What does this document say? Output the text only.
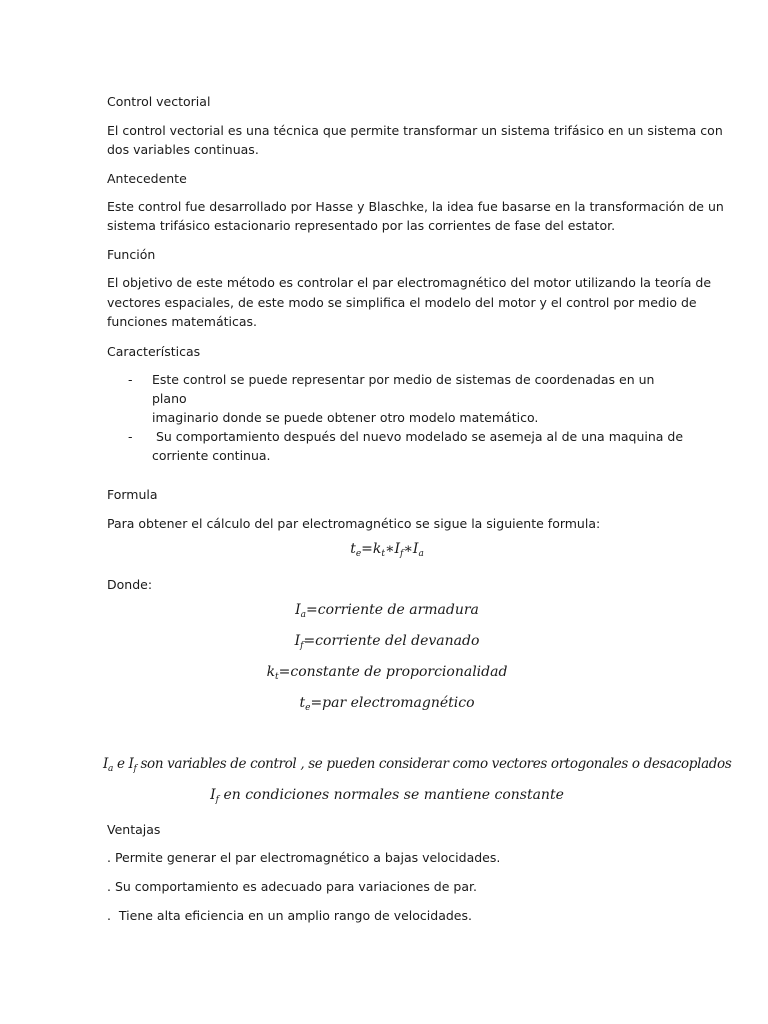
Control vectorial
El control vectorial es una técnica que permite transformar un sistema trifásico en un sistema con
dos variables continuas.
Antecedente
Este control fue desarrollado por Hasse y Blaschke, la idea fue basarse en la transformación de un
sistema trifásico estacionario representado por las corrientes de fase del estator.
Función
El objetivo de este método es controlar el par electromagnético del motor utilizando la teoría de
vectores espaciales, de este modo se simplifica el modelo del motor y el control por medio de
funciones matemáticas.
Características
- Este control se puede representar por medio de sistemas de coordenadas en un plano
imaginario donde se puede obtener otro modelo matemático.
- Su comportamiento después del nuevo modelado se asemeja al de una maquina de
corriente continua.
Formula
Para obtener el cálculo del par electromagnético se sigue la siguiente formula:
$t_e=k_t∗I_f∗I_a$
Donde:
$I_a=corriente$ de armadura
$I_f=corriente$ del devanado
$k_t=constante$ de proporcionalidad
$t_e=par$ electromagnético
$I_a$ e $I_f$ son variables de control , se pueden considerar como vectores ortogonales o desacoplados
$I_f$ en condiciones normales se mantiene constante
Ventajas
. Permite generar el par electromagnético a bajas velocidades.
. Su comportamiento es adecuado para variaciones de par.
.  Tiene alta eficiencia en un amplio rango de velocidades.
